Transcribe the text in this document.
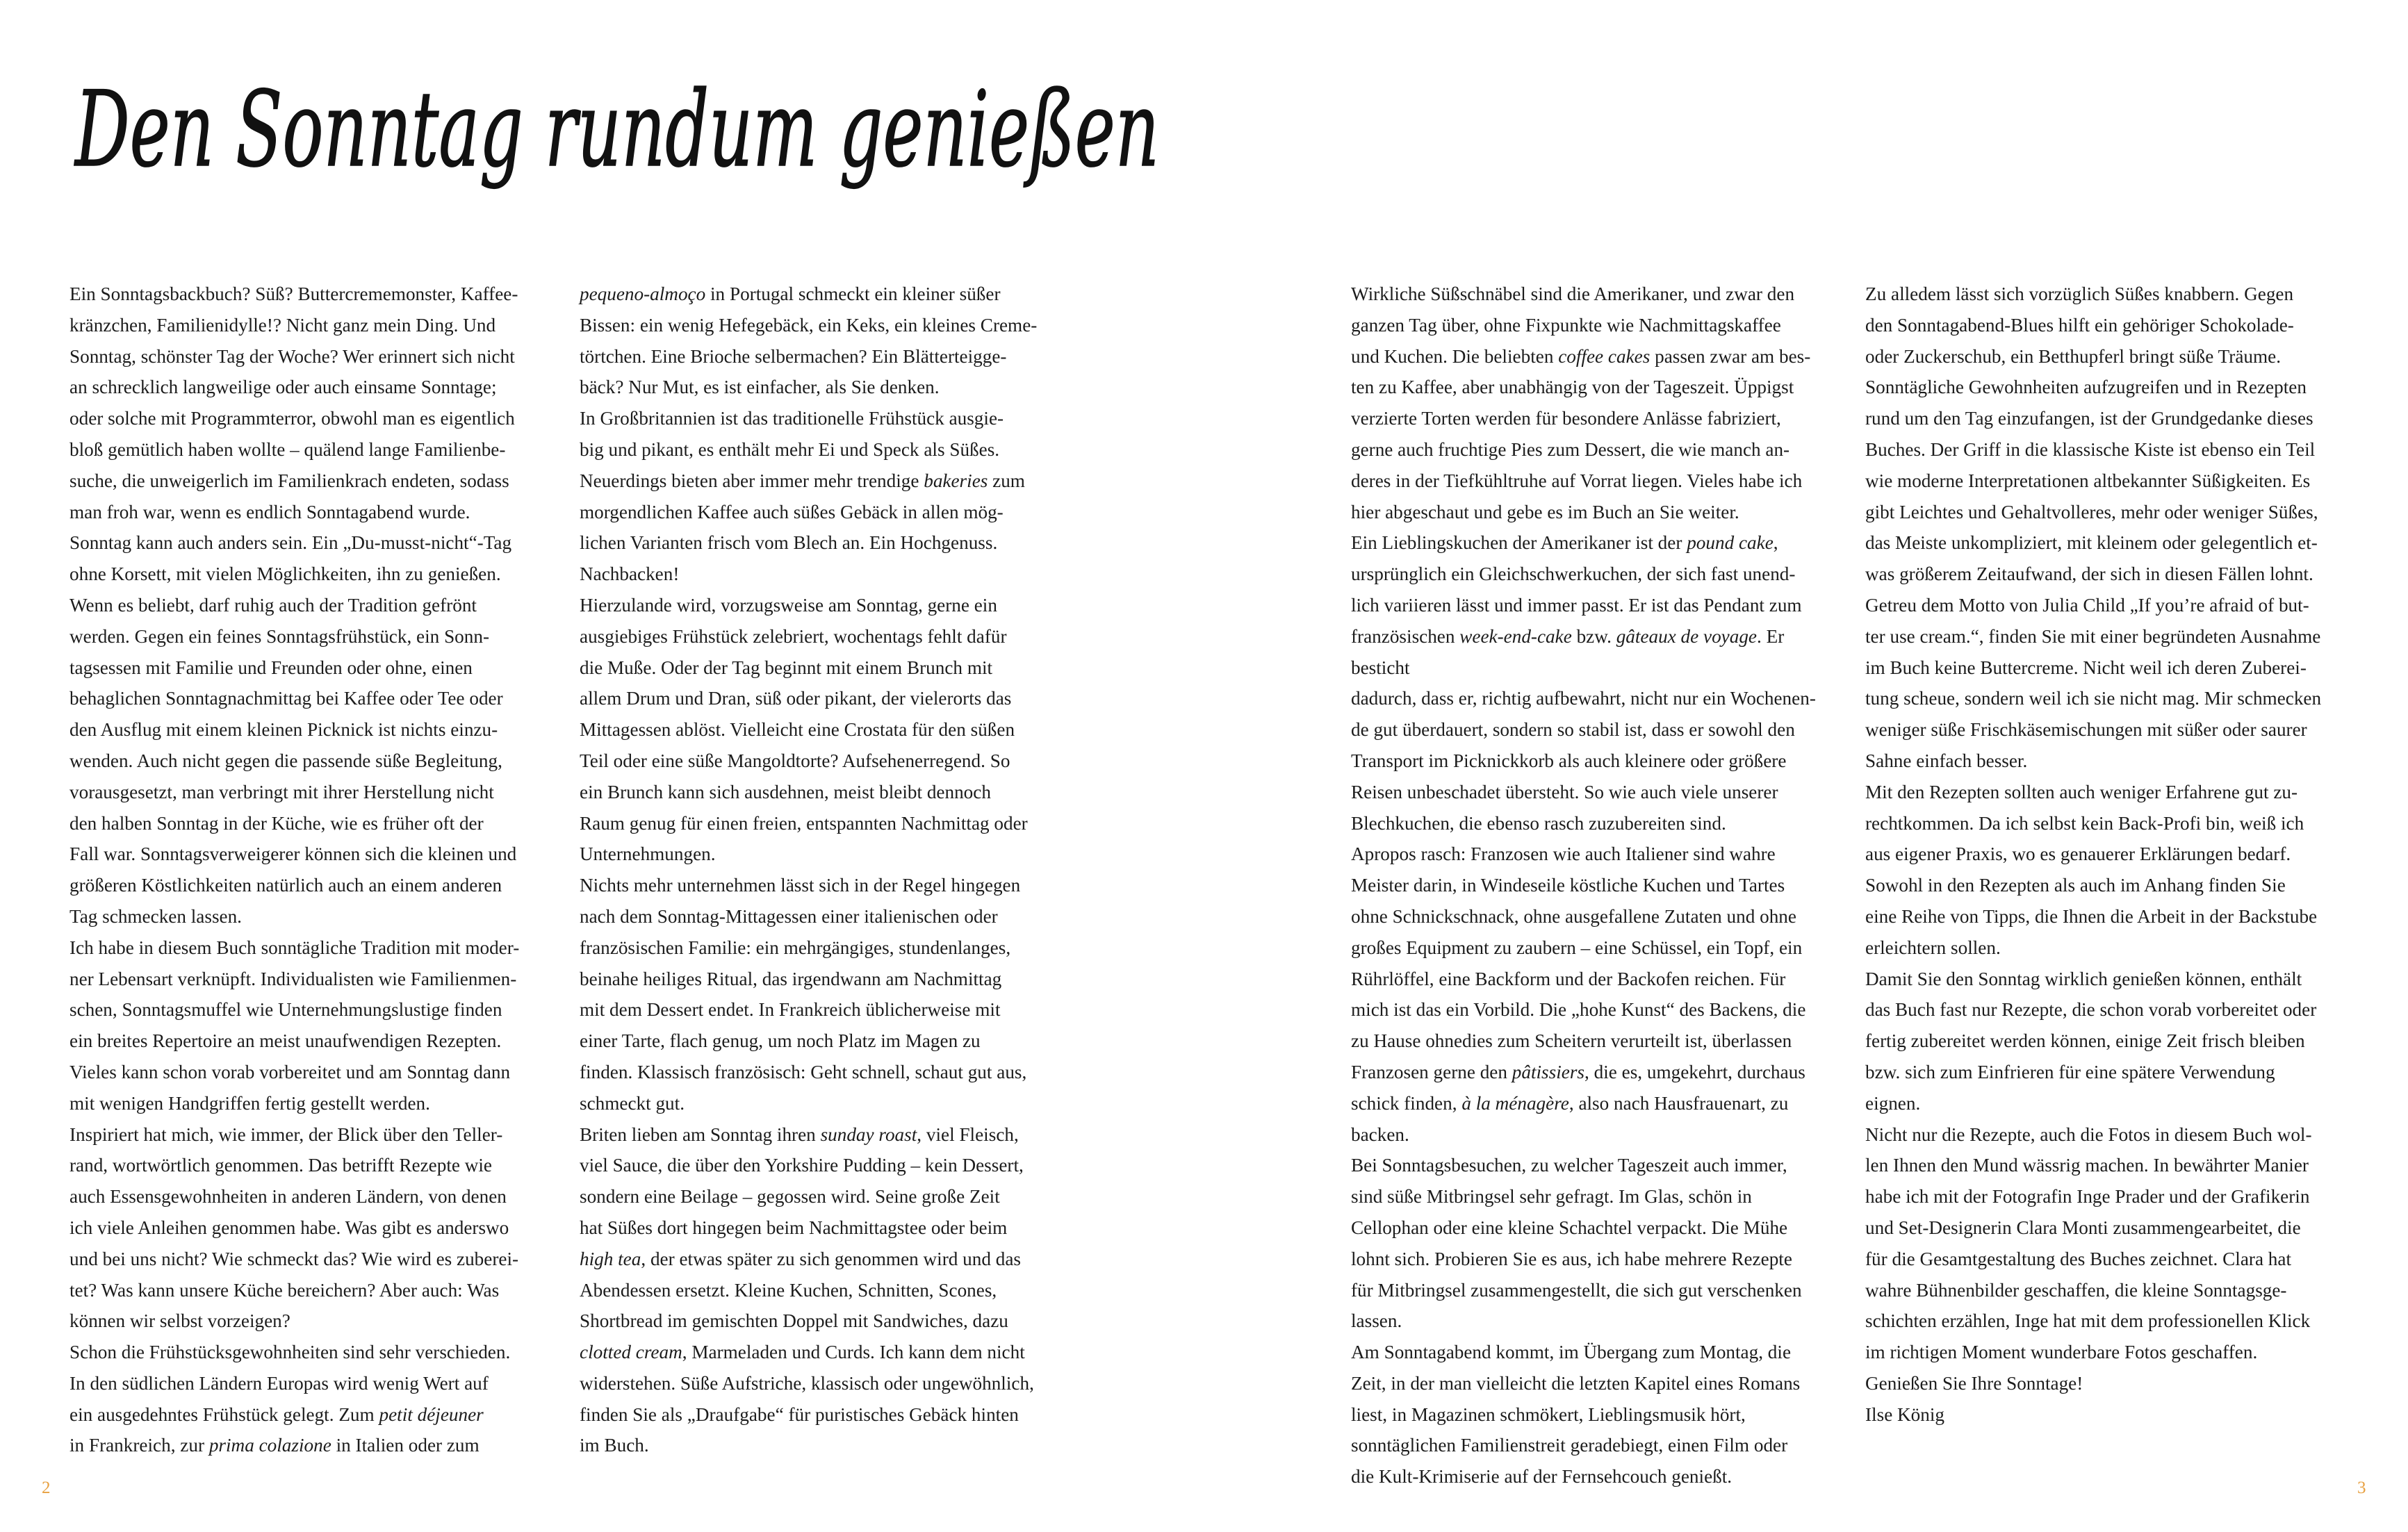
Den Sonntag rundum genießen

Ein Sonntagsbackbuch? Süß? Buttercrememonster, Kaffee-
kränzchen, Familienidylle!? Nicht ganz mein Ding. Und
Sonntag, schönster Tag der Woche? Wer erinnert sich nicht
an schrecklich langweilige oder auch einsame Sonntage;
oder solche mit Programmterror, obwohl man es eigentlich
bloß gemütlich haben wollte – quälend lange Familienbe-
suche, die unweigerlich im Familienkrach endeten, sodass
man froh war, wenn es endlich Sonntagabend wurde.

Sonntag kann auch anders sein. Ein „Du-musst-nicht“-Tag
ohne Korsett, mit vielen Möglichkeiten, ihn zu genießen.
Wenn es beliebt, darf ruhig auch der Tradition gefrönt
werden. Gegen ein feines Sonntagsfrühstück, ein Sonn-
tagsessen mit Familie und Freunden oder ohne, einen
behaglichen Sonntagnachmittag bei Kaffee oder Tee oder
den Ausflug mit einem kleinen Picknick ist nichts einzu-
wenden. Auch nicht gegen die passende süße Begleitung,
vorausgesetzt, man verbringt mit ihrer Herstellung nicht
den halben Sonntag in der Küche, wie es früher oft der
Fall war. Sonntagsverweigerer können sich die kleinen und
größeren Köstlichkeiten natürlich auch an einem anderen
Tag schmecken lassen.

Ich habe in diesem Buch sonntägliche Tradition mit moder-
ner Lebensart verknüpft. Individualisten wie Familienmen-
schen, Sonntagsmuffel wie Unternehmungslustige finden
ein breites Repertoire an meist unaufwendigen Rezepten.
Vieles kann schon vorab vorbereitet und am Sonntag dann
mit wenigen Handgriffen fertig gestellt werden.

Inspiriert hat mich, wie immer, der Blick über den Teller-
rand, wortwörtlich genommen. Das betrifft Rezepte wie
auch Essensgewohnheiten in anderen Ländern, von denen
ich viele Anleihen genommen habe. Was gibt es anderswo
und bei uns nicht? Wie schmeckt das? Wie wird es zuberei-
tet? Was kann unsere Küche bereichern? Aber auch: Was
können wir selbst vorzeigen?

Schon die Frühstücksgewohnheiten sind sehr verschieden.
In den südlichen Ländern Europas wird wenig Wert auf
ein ausgedehntes Frühstück gelegt. Zum petit déjeuner
in Frankreich, zur prima colazione in Italien oder zum

pequeno-almoço in Portugal schmeckt ein kleiner süßer
Bissen: ein wenig Hefegebäck, ein Keks, ein kleines Creme-
törtchen. Eine Brioche selbermachen? Ein Blätterteigge-
bäck? Nur Mut, es ist einfacher, als Sie denken.

In Großbritannien ist das traditionelle Frühstück ausgie-
big und pikant, es enthält mehr Ei und Speck als Süßes.
Neuerdings bieten aber immer mehr trendige bakeries zum
morgendlichen Kaffee auch süßes Gebäck in allen mög-
lichen Varianten frisch vom Blech an. Ein Hochgenuss.
Nachbacken!

Hierzulande wird, vorzugsweise am Sonntag, gerne ein
ausgiebiges Frühstück zelebriert, wochentags fehlt dafür
die Muße. Oder der Tag beginnt mit einem Brunch mit
allem Drum und Dran, süß oder pikant, der vielerorts das
Mittagessen ablöst. Vielleicht eine Crostata für den süßen
Teil oder eine süße Mangoldtorte? Aufsehenerregend. So
ein Brunch kann sich ausdehnen, meist bleibt dennoch
Raum genug für einen freien, entspannten Nachmittag oder
Unternehmungen.

Nichts mehr unternehmen lässt sich in der Regel hingegen
nach dem Sonntag-Mittagessen einer italienischen oder
französischen Familie: ein mehrgängiges, stundenlanges,
beinahe heiliges Ritual, das irgendwann am Nachmittag
mit dem Dessert endet. In Frankreich üblicherweise mit
einer Tarte, flach genug, um noch Platz im Magen zu
finden. Klassisch französisch: Geht schnell, schaut gut aus,
schmeckt gut.

Briten lieben am Sonntag ihren sunday roast, viel Fleisch,
viel Sauce, die über den Yorkshire Pudding – kein Dessert,
sondern eine Beilage – gegossen wird. Seine große Zeit
hat Süßes dort hingegen beim Nachmittagstee oder beim
high tea, der etwas später zu sich genommen wird und das
Abendessen ersetzt. Kleine Kuchen, Schnitten, Scones,
Shortbread im gemischten Doppel mit Sandwiches, dazu
clotted cream, Marmeladen und Curds. Ich kann dem nicht
widerstehen. Süße Aufstriche, klassisch oder ungewöhnlich,
finden Sie als „Draufgabe“ für puristisches Gebäck hinten
im Buch.

Wirkliche Süßschnäbel sind die Amerikaner, und zwar den
ganzen Tag über, ohne Fixpunkte wie Nachmittagskaffee
und Kuchen. Die beliebten coffee cakes passen zwar am bes-
ten zu Kaffee, aber unabhängig von der Tageszeit. Üppigst
verzierte Torten werden für besondere Anlässe fabriziert,
gerne auch fruchtige Pies zum Dessert, die wie manch an-
deres in der Tiefkühltruhe auf Vorrat liegen. Vieles habe ich
hier abgeschaut und gebe es im Buch an Sie weiter.

Ein Lieblingskuchen der Amerikaner ist der pound cake,
ursprünglich ein Gleichschwerkuchen, der sich fast unend-
lich variieren lässt und immer passt. Er ist das Pendant zum
französischen week-end-cake bzw. gâteaux de voyage. Er besticht
dadurch, dass er, richtig aufbewahrt, nicht nur ein Wochenen-
de gut überdauert, sondern so stabil ist, dass er sowohl den
Transport im Picknickkorb als auch kleinere oder größere
Reisen unbeschadet übersteht. So wie auch viele unserer
Blechkuchen, die ebenso rasch zuzubereiten sind.

Apropos rasch: Franzosen wie auch Italiener sind wahre
Meister darin, in Windeseile köstliche Kuchen und Tartes
ohne Schnickschnack, ohne ausgefallene Zutaten und ohne
großes Equipment zu zaubern – eine Schüssel, ein Topf, ein
Rührlöffel, eine Backform und der Backofen reichen. Für
mich ist das ein Vorbild. Die „hohe Kunst“ des Backens, die
zu Hause ohnedies zum Scheitern verurteilt ist, überlassen
Franzosen gerne den pâtissiers, die es, umgekehrt, durchaus
schick finden, à la ménagère, also nach Hausfrauenart, zu
backen.

Bei Sonntagsbesuchen, zu welcher Tageszeit auch immer,
sind süße Mitbringsel sehr gefragt. Im Glas, schön in
Cellophan oder eine kleine Schachtel verpackt. Die Mühe
lohnt sich. Probieren Sie es aus, ich habe mehrere Rezepte
für Mitbringsel zusammengestellt, die sich gut verschenken
lassen.

Am Sonntagabend kommt, im Übergang zum Montag, die
Zeit, in der man vielleicht die letzten Kapitel eines Romans
liest, in Magazinen schmökert, Lieblingsmusik hört,
sonntäglichen Familienstreit geradebiegt, einen Film oder
die Kult-Krimiserie auf der Fernsehcouch genießt.

Zu alledem lässt sich vorzüglich Süßes knabbern. Gegen
den Sonntagabend-Blues hilft ein gehöriger Schokolade-
oder Zuckerschub, ein Betthupferl bringt süße Träume.

Sonntägliche Gewohnheiten aufzugreifen und in Rezepten
rund um den Tag einzufangen, ist der Grundgedanke dieses
Buches. Der Griff in die klassische Kiste ist ebenso ein Teil
wie moderne Interpretationen altbekannter Süßigkeiten. Es
gibt Leichtes und Gehaltvolleres, mehr oder weniger Süßes,
das Meiste unkompliziert, mit kleinem oder gelegentlich et-
was größerem Zeitaufwand, der sich in diesen Fällen lohnt.
Getreu dem Motto von Julia Child „If you’re afraid of but-
ter use cream.“, finden Sie mit einer begründeten Ausnahme
im Buch keine Buttercreme. Nicht weil ich deren Zuberei-
tung scheue, sondern weil ich sie nicht mag. Mir schmecken
weniger süße Frischkäsemischungen mit süßer oder saurer
Sahne einfach besser.

Mit den Rezepten sollten auch weniger Erfahrene gut zu-
rechtkommen. Da ich selbst kein Back-Profi bin, weiß ich
aus eigener Praxis, wo es genauerer Erklärungen bedarf.
Sowohl in den Rezepten als auch im Anhang finden Sie
eine Reihe von Tipps, die Ihnen die Arbeit in der Backstube
erleichtern sollen.

Damit Sie den Sonntag wirklich genießen können, enthält
das Buch fast nur Rezepte, die schon vorab vorbereitet oder
fertig zubereitet werden können, einige Zeit frisch bleiben
bzw. sich zum Einfrieren für eine spätere Verwendung
eignen.

Nicht nur die Rezepte, auch die Fotos in diesem Buch wol-
len Ihnen den Mund wässrig machen. In bewährter Manier
habe ich mit der Fotografin Inge Prader und der Grafikerin
und Set-Designerin Clara Monti zusammengearbeitet, die
für die Gesamtgestaltung des Buches zeichnet. Clara hat
wahre Bühnenbilder geschaffen, die kleine Sonntagsge-
schichten erzählen, Inge hat mit dem professionellen Klick
im richtigen Moment wunderbare Fotos geschaffen.

Genießen Sie Ihre Sonntage!
Ilse König

2	3
